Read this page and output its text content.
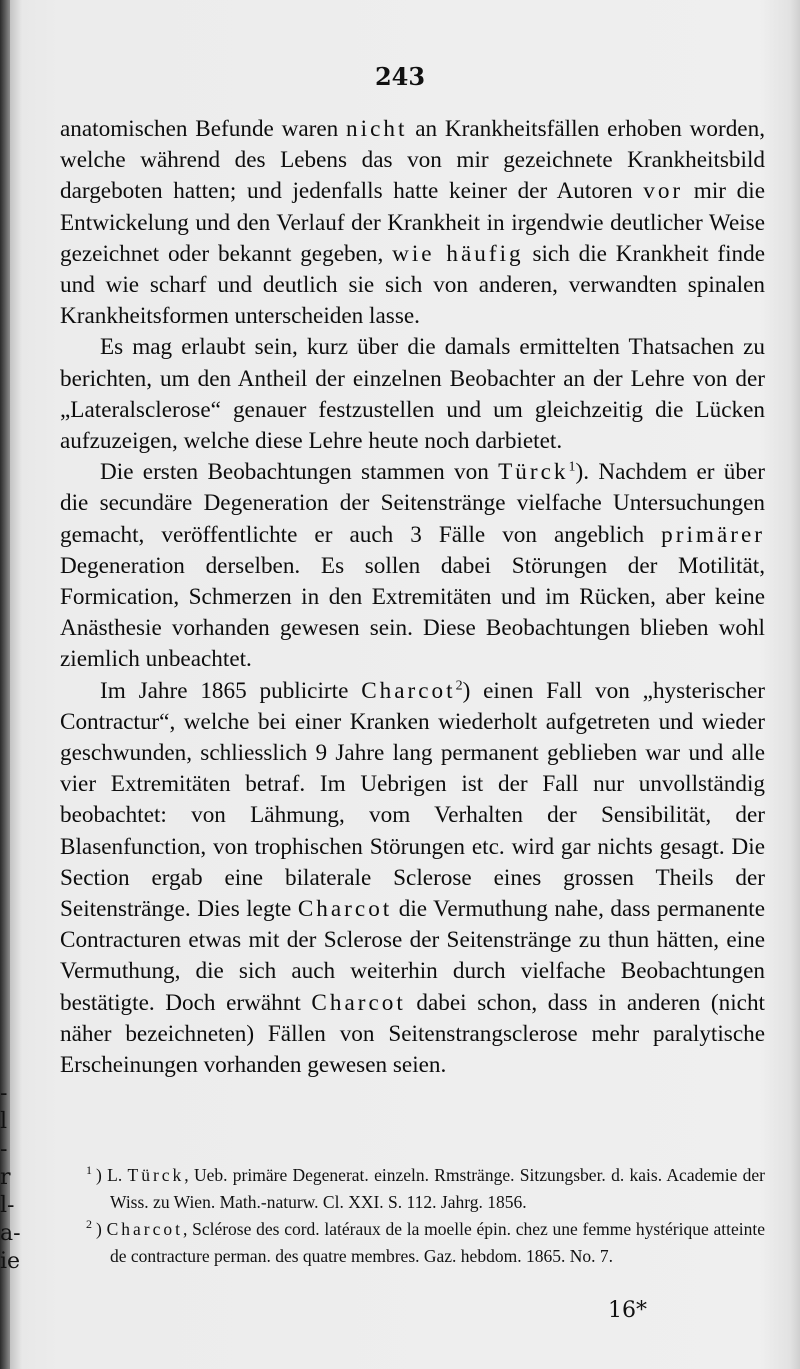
-
l
-
r
l-
a-
ie
243

anatomischen Befunde waren nicht an Krankheitsfällen erhoben worden, welche während des Lebens das von mir gezeichnete Krankheitsbild dargeboten hatten; und jedenfalls hatte keiner der Autoren vor mir die Entwickelung und den Verlauf der Krankheit in irgendwie deutlicher Weise gezeichnet oder bekannt gegeben, wie häufig sich die Krankheit finde und wie scharf und deutlich sie sich von anderen, verwandten spinalen Krankheitsformen unterscheiden lasse.

Es mag erlaubt sein, kurz über die damals ermittelten Thatsachen zu berichten, um den Antheil der einzelnen Beobachter an der Lehre von der „Lateralsclerose“ genauer festzustellen und um gleichzeitig die Lücken aufzuzeigen, welche diese Lehre heute noch darbietet.

Die ersten Beobachtungen stammen von Türck$^1$). Nachdem er über die secundäre Degeneration der Seitenstränge vielfache Untersuchungen gemacht, veröffentlichte er auch 3 Fälle von angeblich primärer Degeneration derselben. Es sollen dabei Störungen der Motilität, Formication, Schmerzen in den Extremitäten und im Rücken, aber keine Anästhesie vorhanden gewesen sein. Diese Beobachtungen blieben wohl ziemlich unbeachtet.

Im Jahre 1865 publicirte Charcot$^2$) einen Fall von „hysterischer Contractur“, welche bei einer Kranken wiederholt aufgetreten und wieder geschwunden, schliesslich 9 Jahre lang permanent geblieben war und alle vier Extremitäten betraf. Im Uebrigen ist der Fall nur unvollständig beobachtet: von Lähmung, vom Verhalten der Sensibilität, der Blasenfunction, von trophischen Störungen etc. wird gar nichts gesagt. Die Section ergab eine bilaterale Sclerose eines grossen Theils der Seitenstränge. Dies legte Charcot die Vermuthung nahe, dass permanente Contracturen etwas mit der Sclerose der Seitenstränge zu thun hätten, eine Vermuthung, die sich auch weiterhin durch vielfache Beobachtungen bestätigte. Doch erwähnt Charcot dabei schon, dass in anderen (nicht näher bezeichneten) Fällen von Seitenstrangsclerose mehr paralytische Erscheinungen vorhanden gewesen seien.

$^1$ ) L. Türck, Ueb. primäre Degenerat. einzeln. Rmstränge. Sitzungsber. d. kais. Academie der Wiss. zu Wien. Math.-naturw. Cl. XXI. S. 112. Jahrg. 1856.

$^2$ ) Charcot, Sclérose des cord. latéraux de la moelle épin. chez une femme hystérique atteinte de contracture perman. des quatre membres. Gaz. hebdom. 1865. No. 7.

16*
